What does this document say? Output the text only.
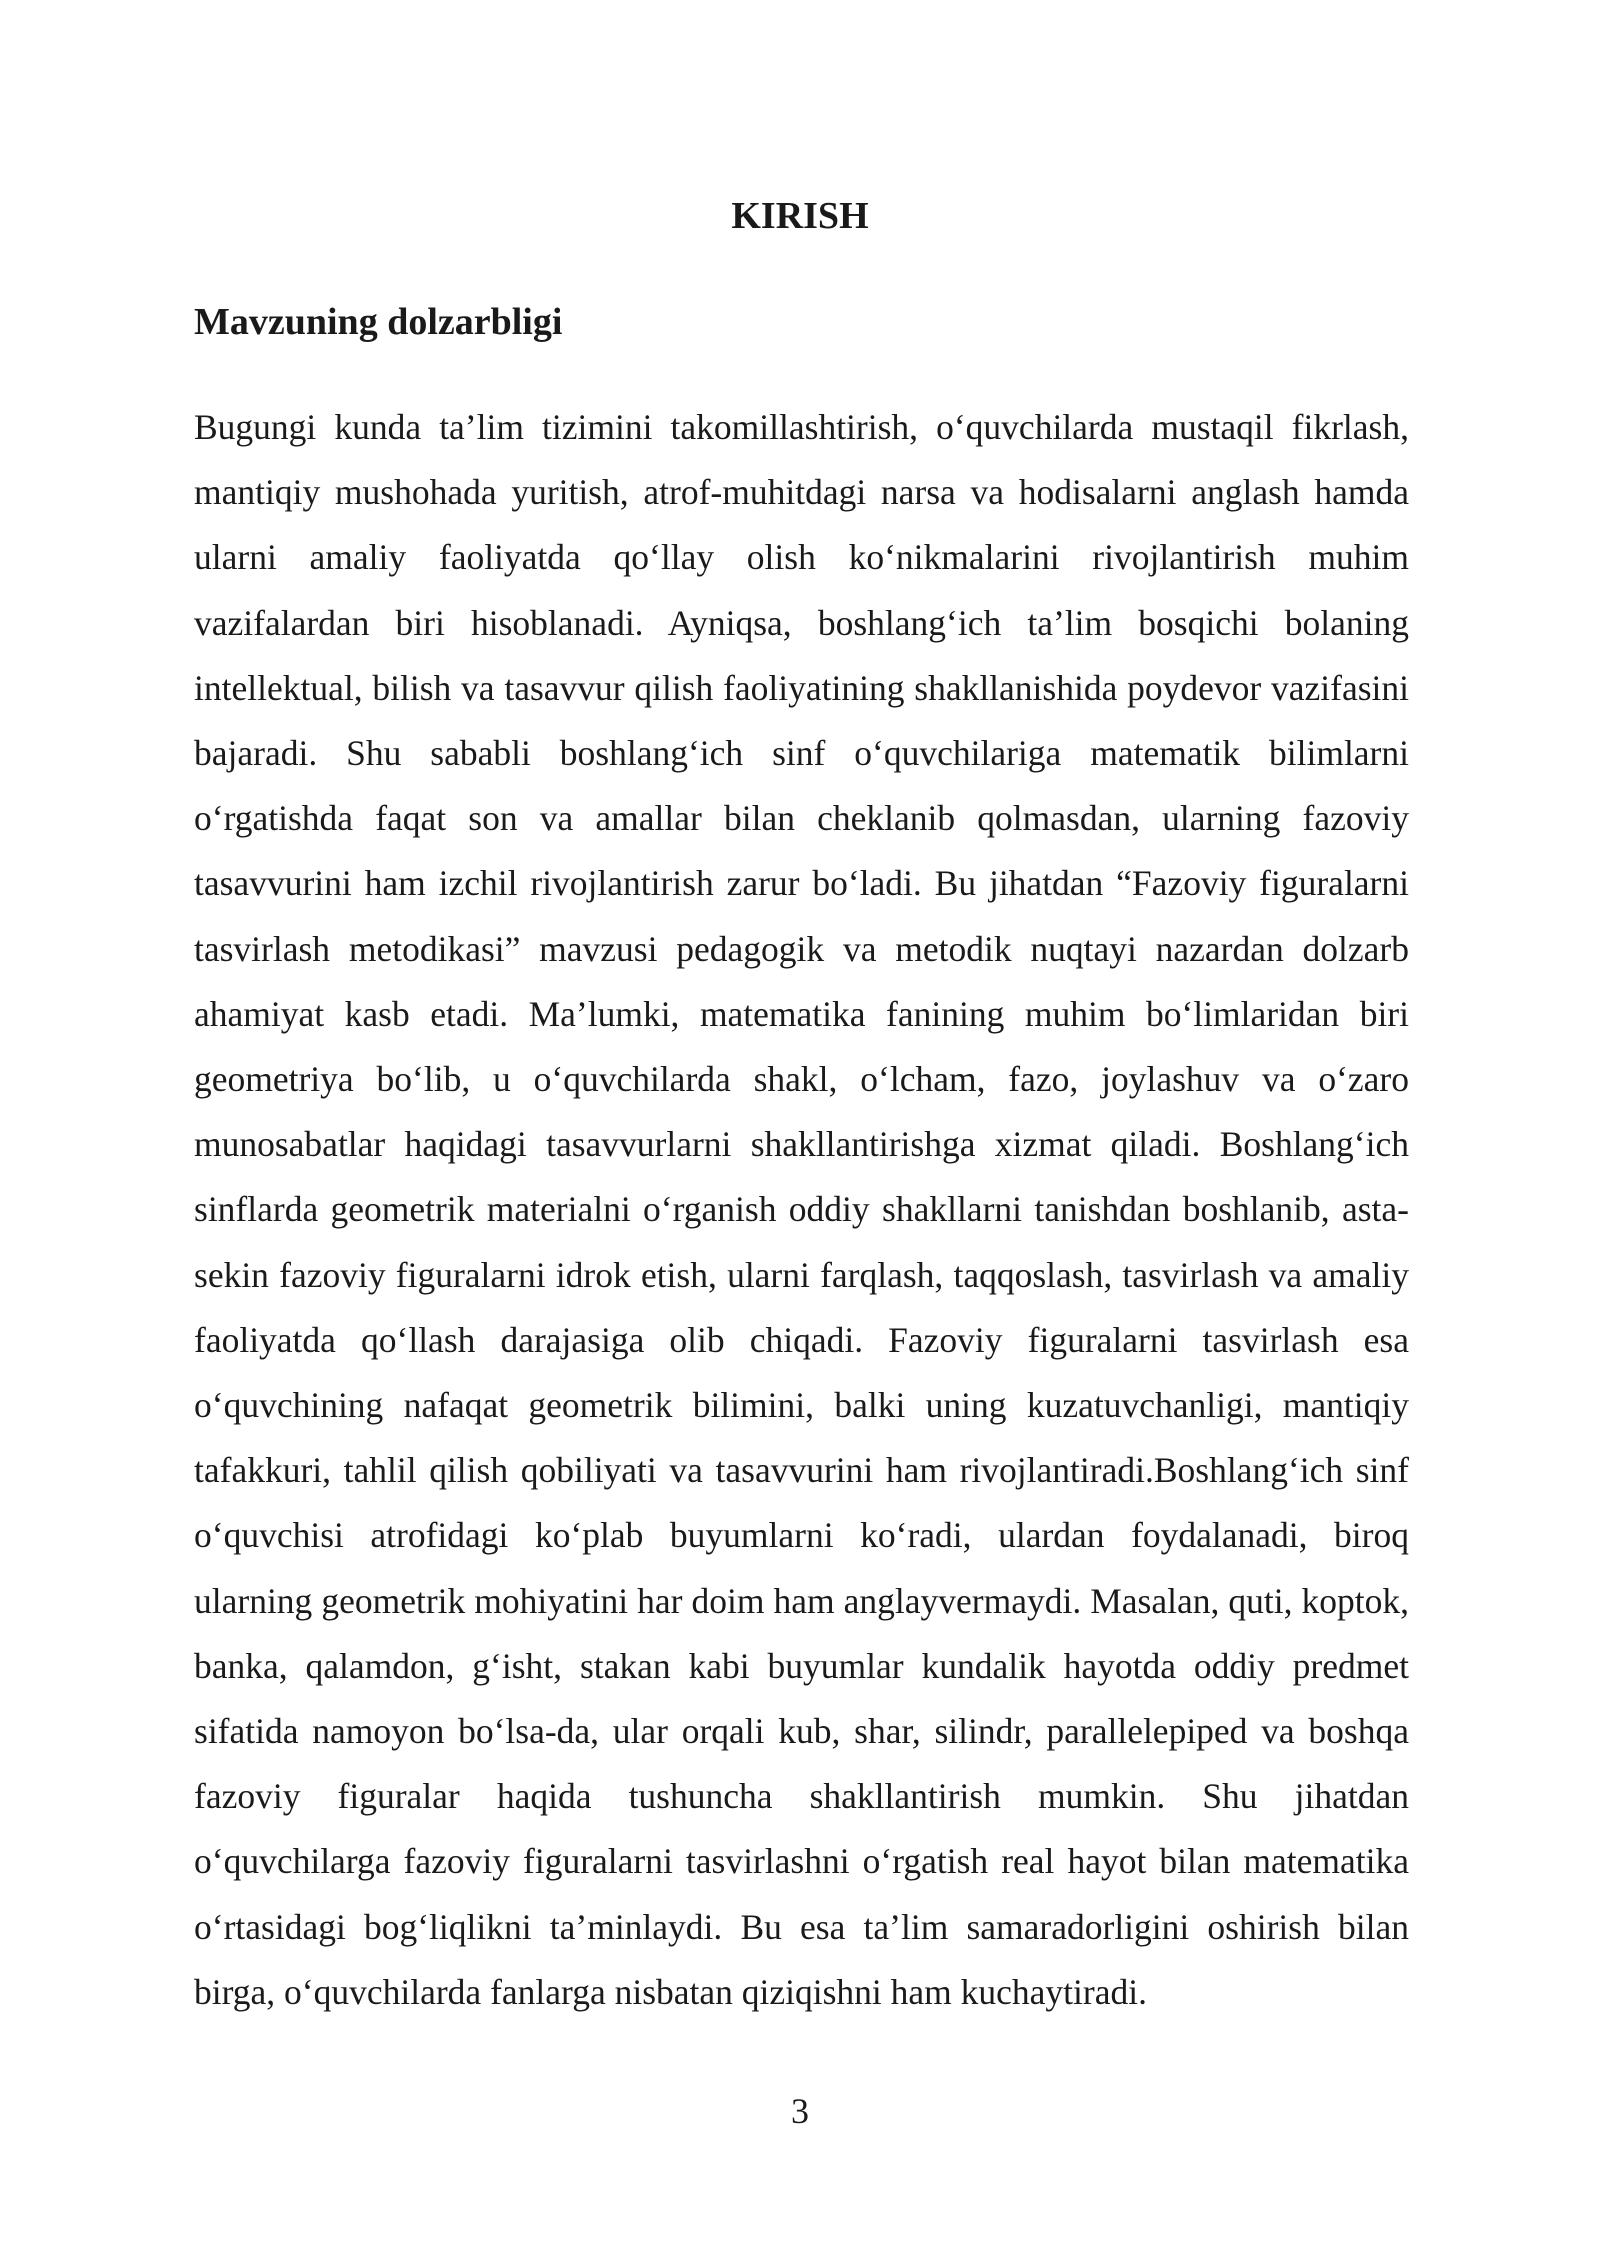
KIRISH
Mavzuning dolzarbligi

Bugungi kunda ta’lim tizimini takomillashtirish, o‘quvchilarda mustaqil fikrlash, mantiqiy mushohada yuritish, atrof-muhitdagi narsa va hodisalarni anglash hamda ularni amaliy faoliyatda qo‘llay olish ko‘nikmalarini rivojlantirish muhim vazifalardan biri hisoblanadi. Ayniqsa, boshlang‘ich ta’lim bosqichi bolaning intellektual, bilish va tasavvur qilish faoliyatining shakllanishida poydevor vazifasini bajaradi. Shu sababli boshlang‘ich sinf o‘quvchilariga matematik bilimlarni o‘rgatishda faqat son va amallar bilan cheklanib qolmasdan, ularning fazoviy tasavvurini ham izchil rivojlantirish zarur bo‘ladi. Bu jihatdan “Fazoviy figuralarni tasvirlash metodikasi” mavzusi pedagogik va metodik nuqtayi nazardan dolzarb ahamiyat kasb etadi. Ma’lumki, matematika fanining muhim bo‘limlaridan biri geometriya bo‘lib, u o‘quvchilarda shakl, o‘lcham, fazo, joylashuv va o‘zaro munosabatlar haqidagi tasavvurlarni shakllantirishga xizmat qiladi. Boshlang‘ich sinflarda geometrik materialni o‘rganish oddiy shakllarni tanishdan boshlanib, asta-sekin fazoviy figuralarni idrok etish, ularni farqlash, taqqoslash, tasvirlash va amaliy faoliyatda qo‘llash darajasiga olib chiqadi. Fazoviy figuralarni tasvirlash esa o‘quvchining nafaqat geometrik bilimini, balki uning kuzatuvchanligi, mantiqiy tafakkuri, tahlil qilish qobiliyati va tasavvurini ham rivojlantiradi.Boshlang‘ich sinf o‘quvchisi atrofidagi ko‘plab buyumlarni ko‘radi, ulardan foydalanadi, biroq ularning geometrik mohiyatini har doim ham anglayvermaydi. Masalan, quti, koptok, banka, qalamdon, g‘isht, stakan kabi buyumlar kundalik hayotda oddiy predmet sifatida namoyon bo‘lsa-da, ular orqali kub, shar, silindr, parallelepiped va boshqa fazoviy figuralar haqida tushuncha shakllantirish mumkin. Shu jihatdan o‘quvchilarga fazoviy figuralarni tasvirlashni o‘rgatish real hayot bilan matematika o‘rtasidagi bog‘liqlikni ta’minlaydi. Bu esa ta’lim samaradorligini oshirish bilan birga, o‘quvchilarda fanlarga nisbatan qiziqishni ham kuchaytiradi.

3
